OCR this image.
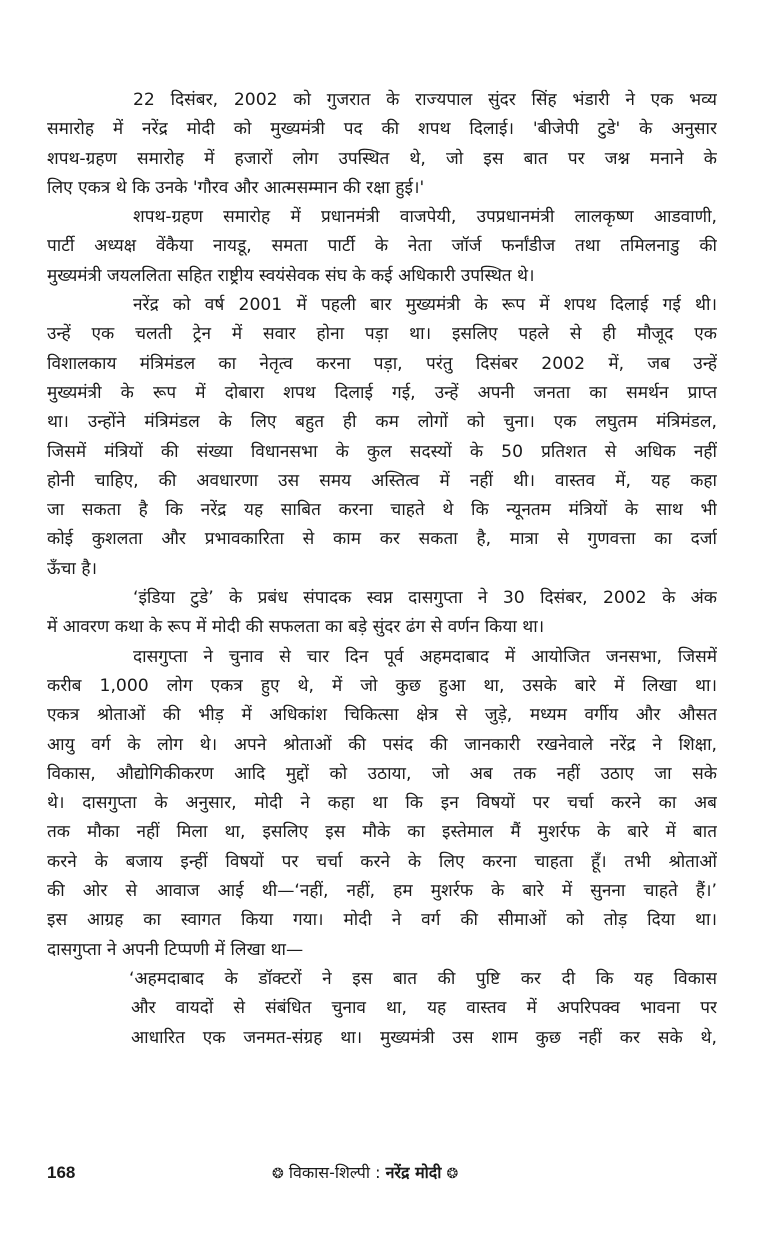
22 दिसंबर, 2002 को गुजरात के राज्यपाल सुंदर सिंह भंडारी ने एक भव्य
समारोह में नरेंद्र मोदी को मुख्यमंत्री पद की शपथ दिलाई। 'बीजेपी टुडे' के अनुसार
शपथ-ग्रहण समारोह में हजारों लोग उपस्थित थे, जो इस बात पर जश्न मनाने के
लिए एकत्र थे कि उनके 'गौरव और आत्मसम्मान की रक्षा हुई।'
शपथ-ग्रहण समारोह में प्रधानमंत्री वाजपेयी, उपप्रधानमंत्री लालकृष्ण आडवाणी,
पार्टी अध्यक्ष वेंकैया नायडू, समता पार्टी के नेता जॉर्ज फर्नांडीज तथा तमिलनाडु की
मुख्यमंत्री जयललिता सहित राष्ट्रीय स्वयंसेवक संघ के कई अधिकारी उपस्थित थे।
नरेंद्र को वर्ष 2001 में पहली बार मुख्यमंत्री के रूप में शपथ दिलाई गई थी।
उन्हें एक चलती ट्रेन में सवार होना पड़ा था। इसलिए पहले से ही मौजूद एक
विशालकाय मंत्रिमंडल का नेतृत्व करना पड़ा, परंतु दिसंबर 2002 में, जब उन्हें
मुख्यमंत्री के रूप में दोबारा शपथ दिलाई गई, उन्हें अपनी जनता का समर्थन प्राप्त
था। उन्होंने मंत्रिमंडल के लिए बहुत ही कम लोगों को चुना। एक लघुतम मंत्रिमंडल,
जिसमें मंत्रियों की संख्या विधानसभा के कुल सदस्यों के 50 प्रतिशत से अधिक नहीं
होनी चाहिए, की अवधारणा उस समय अस्तित्व में नहीं थी। वास्तव में, यह कहा
जा सकता है कि नरेंद्र यह साबित करना चाहते थे कि न्यूनतम मंत्रियों के साथ भी
कोई कुशलता और प्रभावकारिता से काम कर सकता है, मात्रा से गुणवत्ता का दर्जा
ऊँचा है।
‘इंडिया टुडे’ के प्रबंध संपादक स्वप्न दासगुप्ता ने 30 दिसंबर, 2002 के अंक
में आवरण कथा के रूप में मोदी की सफलता का बड़े सुंदर ढंग से वर्णन किया था।
दासगुप्ता ने चुनाव से चार दिन पूर्व अहमदाबाद में आयोजित जनसभा, जिसमें
करीब 1,000 लोग एकत्र हुए थे, में जो कुछ हुआ था, उसके बारे में लिखा था।
एकत्र श्रोताओं की भीड़ में अधिकांश चिकित्सा क्षेत्र से जुड़े, मध्यम वर्गीय और औसत
आयु वर्ग के लोग थे। अपने श्रोताओं की पसंद की जानकारी रखनेवाले नरेंद्र ने शिक्षा,
विकास, औद्योगिकीकरण आदि मुद्दों को उठाया, जो अब तक नहीं उठाए जा सके
थे। दासगुप्ता के अनुसार, मोदी ने कहा था कि इन विषयों पर चर्चा करने का अब
तक मौका नहीं मिला था, इसलिए इस मौके का इस्तेमाल मैं मुशर्रफ के बारे में बात
करने के बजाय इन्हीं विषयों पर चर्चा करने के लिए करना चाहता हूँ। तभी श्रोताओं
की ओर से आवाज आई थी—‘नहीं, नहीं, हम मुशर्रफ के बारे में सुनना चाहते हैं।’
इस आग्रह का स्वागत किया गया। मोदी ने वर्ग की सीमाओं को तोड़ दिया था।
दासगुप्ता ने अपनी टिप्पणी में लिखा था—
‘अहमदाबाद के डॉक्टरों ने इस बात की पुष्टि कर दी कि यह विकास
और वायदों से संबंधित चुनाव था, यह वास्तव में अपरिपक्व भावना पर
आधारित एक जनमत-संग्रह था। मुख्यमंत्री उस शाम कुछ नहीं कर सके थे,
168	❂ विकास-शिल्पी : नरेंद्र मोदी ❂
